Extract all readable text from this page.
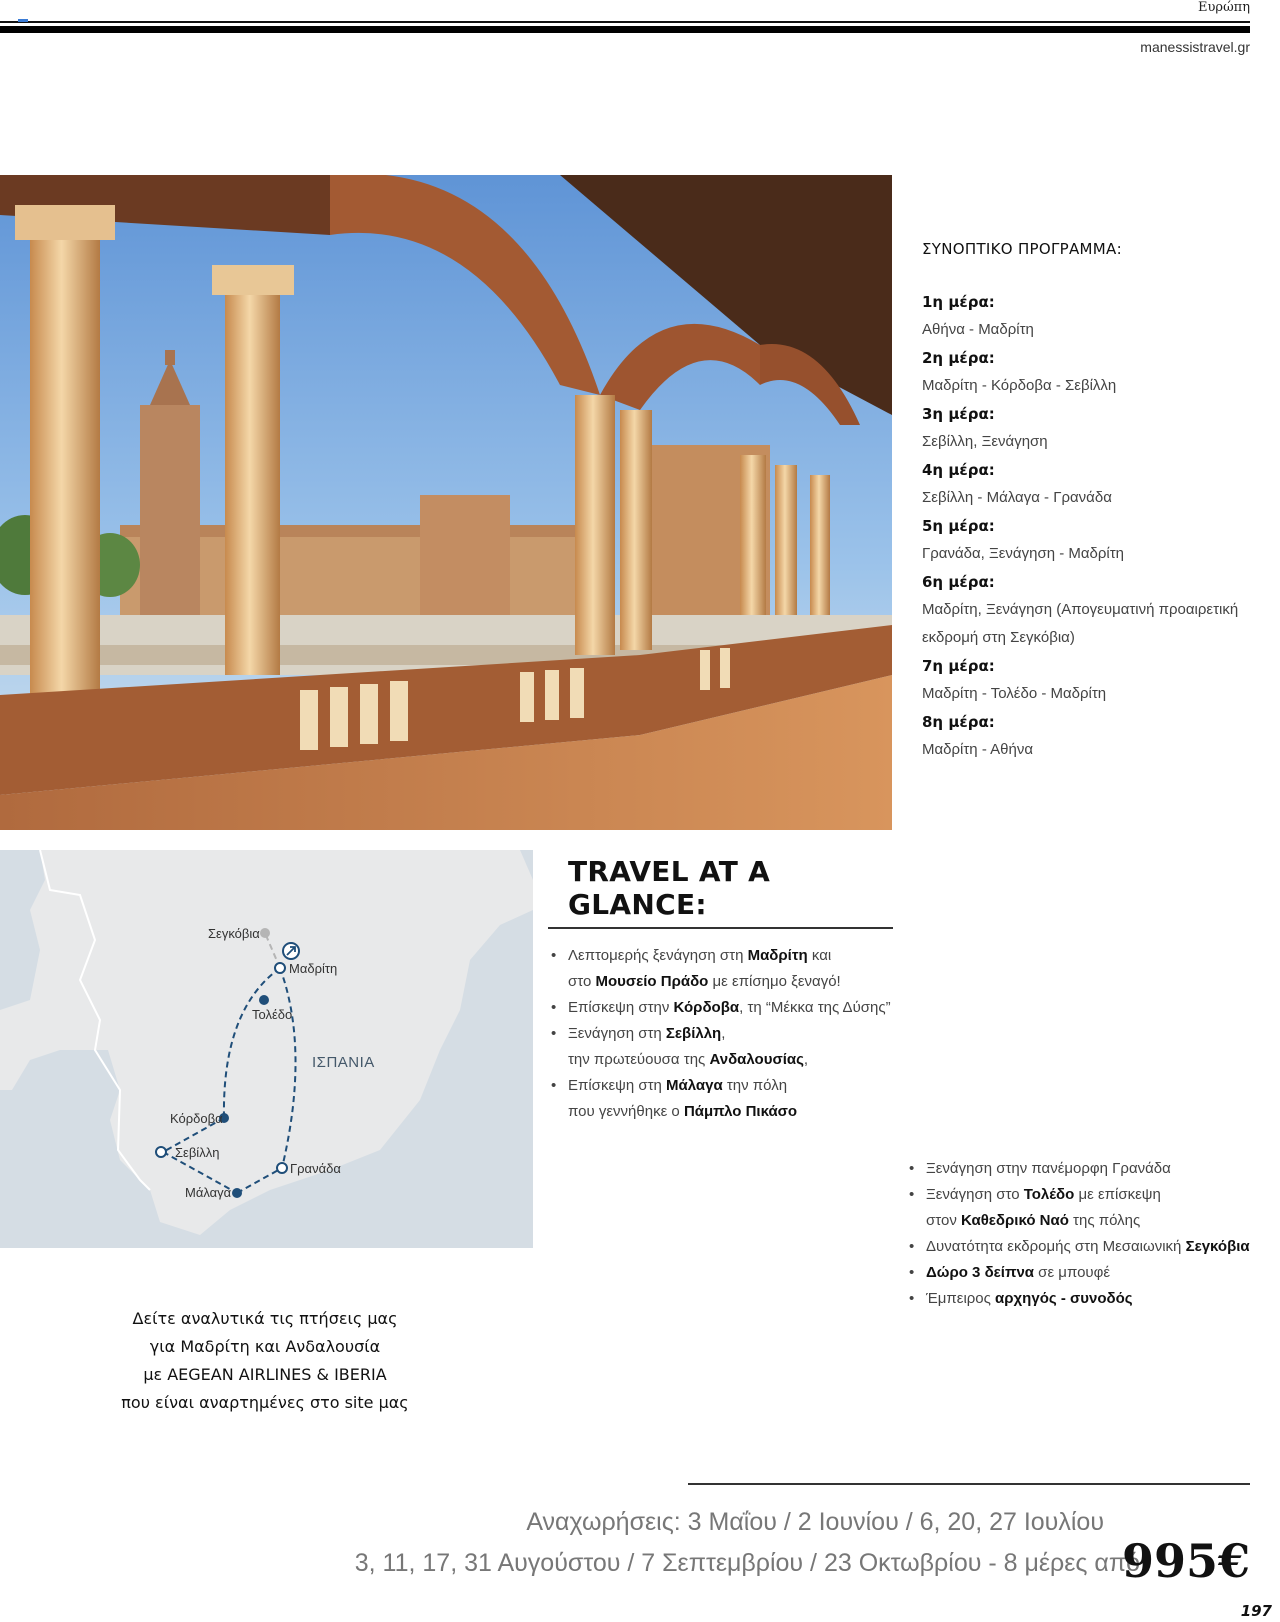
Ευρώπη
manessistravel.gr
ΣΥΝΟΠΤΙΚΟ ΠΡΟΓΡΑΜΜΑ:
1η μέρα:
Αθήνα - Μαδρίτη
2η μέρα:
Μαδρίτη - Κόρδοβα - Σεβίλλη
3η μέρα:
Σεβίλλη, Ξενάγηση
4η μέρα:
Σεβίλλη - Μάλαγα - Γρανάδα
5η μέρα:
Γρανάδα, Ξενάγηση - Μαδρίτη
6η μέρα:
Μαδρίτη, Ξενάγηση (Απογευματινή προαιρετική εκδρομή στη Σεγκόβια)
7η μέρα:
Μαδρίτη - Τολέδο - Μαδρίτη
8η μέρα:
Μαδρίτη - Αθήνα
Σεγκόβια
Μαδρίτη
Τολέδο
ΙΣΠΑΝΙΑ
Κόρδοβα
Σεβίλλη
Γρανάδα
Μάλαγα
TRAVEL AT A GLANCE:
• Λεπτομερής ξενάγηση στη Μαδρίτη και
στο Μουσείο Πράδο με επίσημο ξεναγό!
• Επίσκεψη στην Κόρδοβα, τη “Μέκκα της Δύσης”
• Ξενάγηση στη Σεβίλλη,
την πρωτεύουσα της Ανδαλουσίας,
• Επίσκεψη στη Μάλαγα την πόλη
που γεννήθηκε ο Πάμπλο Πικάσο
• Ξενάγηση στην πανέμορφη Γρανάδα
• Ξενάγηση στο Τολέδο με επίσκεψη
στον Καθεδρικό Ναό της πόλης
• Δυνατότητα εκδρομής στη Μεσαιωνική Σεγκόβια
• Δώρο 3 δείπνα σε μπουφέ
• Έμπειρος αρχηγός - συνοδός
Δείτε αναλυτικά τις πτήσεις μας
για Μαδρίτη και Ανδαλουσία
με AEGEAN AIRLINES & IBERIA
που είναι αναρτημένες στο site μας
Αναχωρήσεις: 3 Μαΐου / 2 Ιουνίου / 6, 20, 27 Ιουλίου
3, 11, 17, 31 Αυγούστου / 7 Σεπτεμβρίου / 23 Οκτωβρίου - 8 μέρες από
995€
197
